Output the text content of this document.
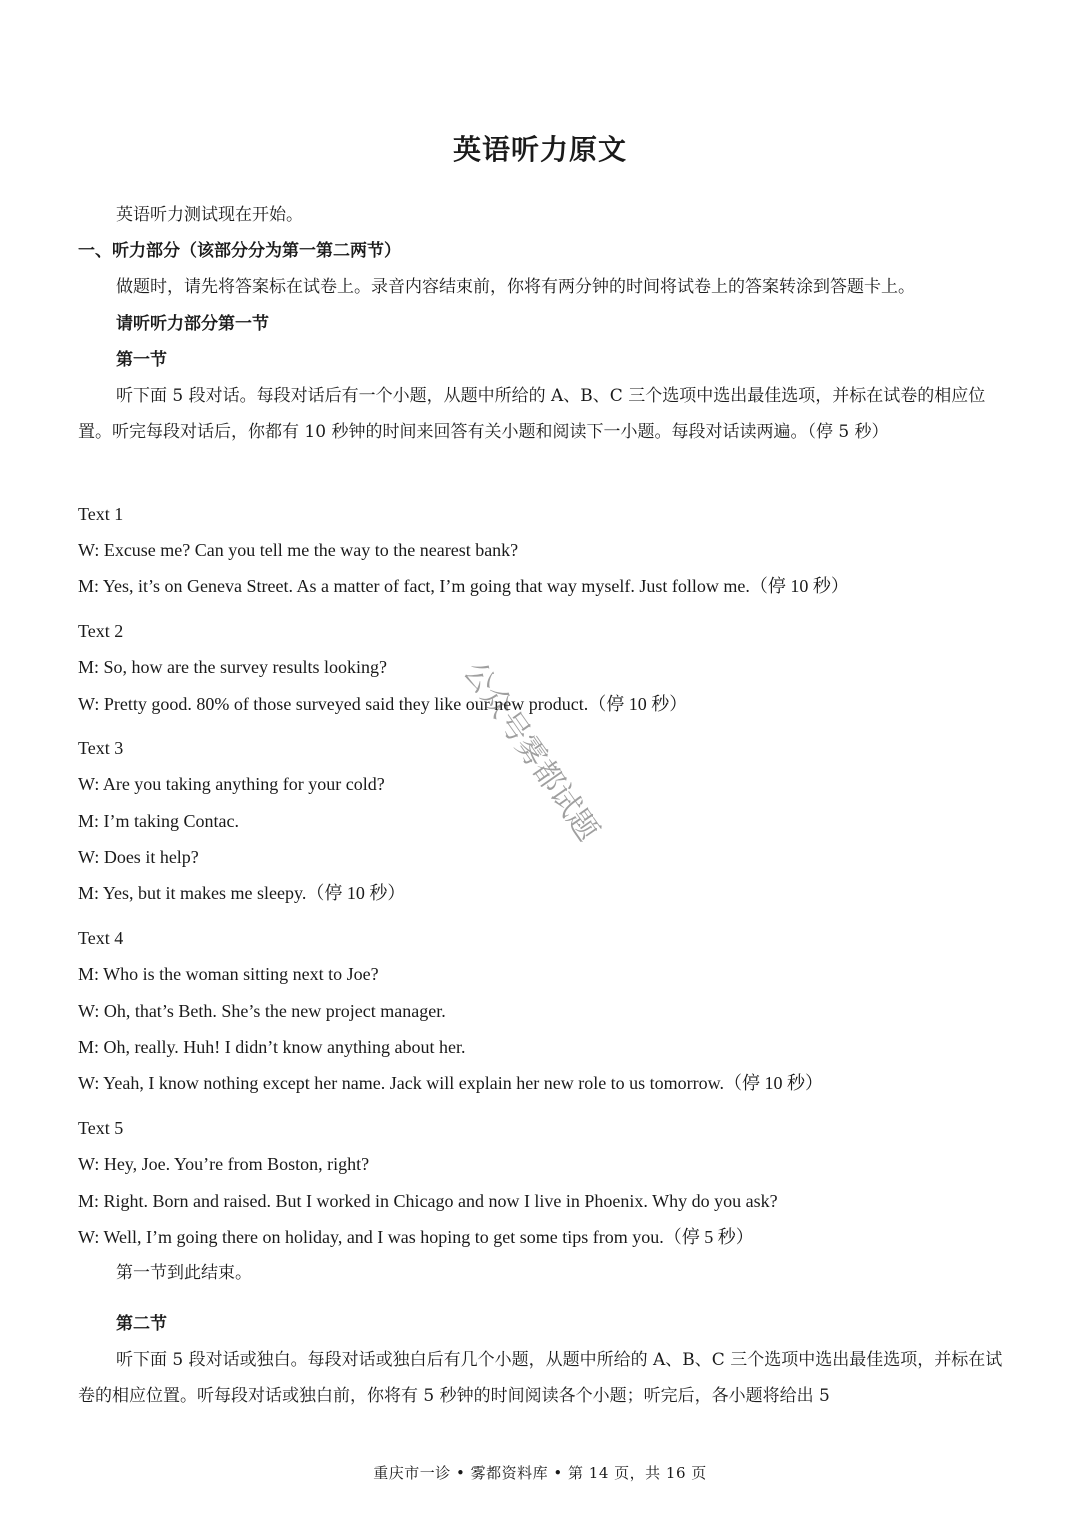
英语听力原文
英语听力测试现在开始。
一、听力部分（该部分分为第一第二两节）
做题时，请先将答案标在试卷上。录音内容结束前，你将有两分钟的时间将试卷上的答案转涂到答题卡上。
请听听力部分第一节
第一节
听下面 5 段对话。每段对话后有一个小题，从题中所给的 A、B、C 三个选项中选出最佳选项，并标在试卷的相应位置。听完每段对话后，你都有 10 秒钟的时间来回答有关小题和阅读下一小题。每段对话读两遍。（停 5 秒）
Text 1
W: Excuse me? Can you tell me the way to the nearest bank?
M: Yes, it’s on Geneva Street. As a matter of fact, I’m going that way myself. Just follow me.（停 10 秒）
Text 2
M: So, how are the survey results looking?
W: Pretty good. 80% of those surveyed said they like our new product.（停 10 秒）
Text 3
W: Are you taking anything for your cold?
M: I’m taking Contac.
W: Does it help?
M: Yes, but it makes me sleepy.（停 10 秒）
Text 4
M: Who is the woman sitting next to Joe?
W: Oh, that’s Beth. She’s the new project manager.
M: Oh, really. Huh! I didn’t know anything about her.
W: Yeah, I know nothing except her name. Jack will explain her new role to us tomorrow.（停 10 秒）
Text 5
W: Hey, Joe. You’re from Boston, right?
M: Right. Born and raised. But I worked in Chicago and now I live in Phoenix. Why do you ask?
W: Well, I’m going there on holiday, and I was hoping to get some tips from you.（停 5 秒）
第一节到此结束。
第二节
听下面 5 段对话或独白。每段对话或独白后有几个小题，从题中所给的 A、B、C 三个选项中选出最佳选项，并标在试卷的相应位置。听每段对话或独白前，你将有 5 秒钟的时间阅读各个小题；听完后，各小题将给出 5
公众号雾都试题
重庆市一诊 • 雾都资料库 • 第 14 页，共 16 页
